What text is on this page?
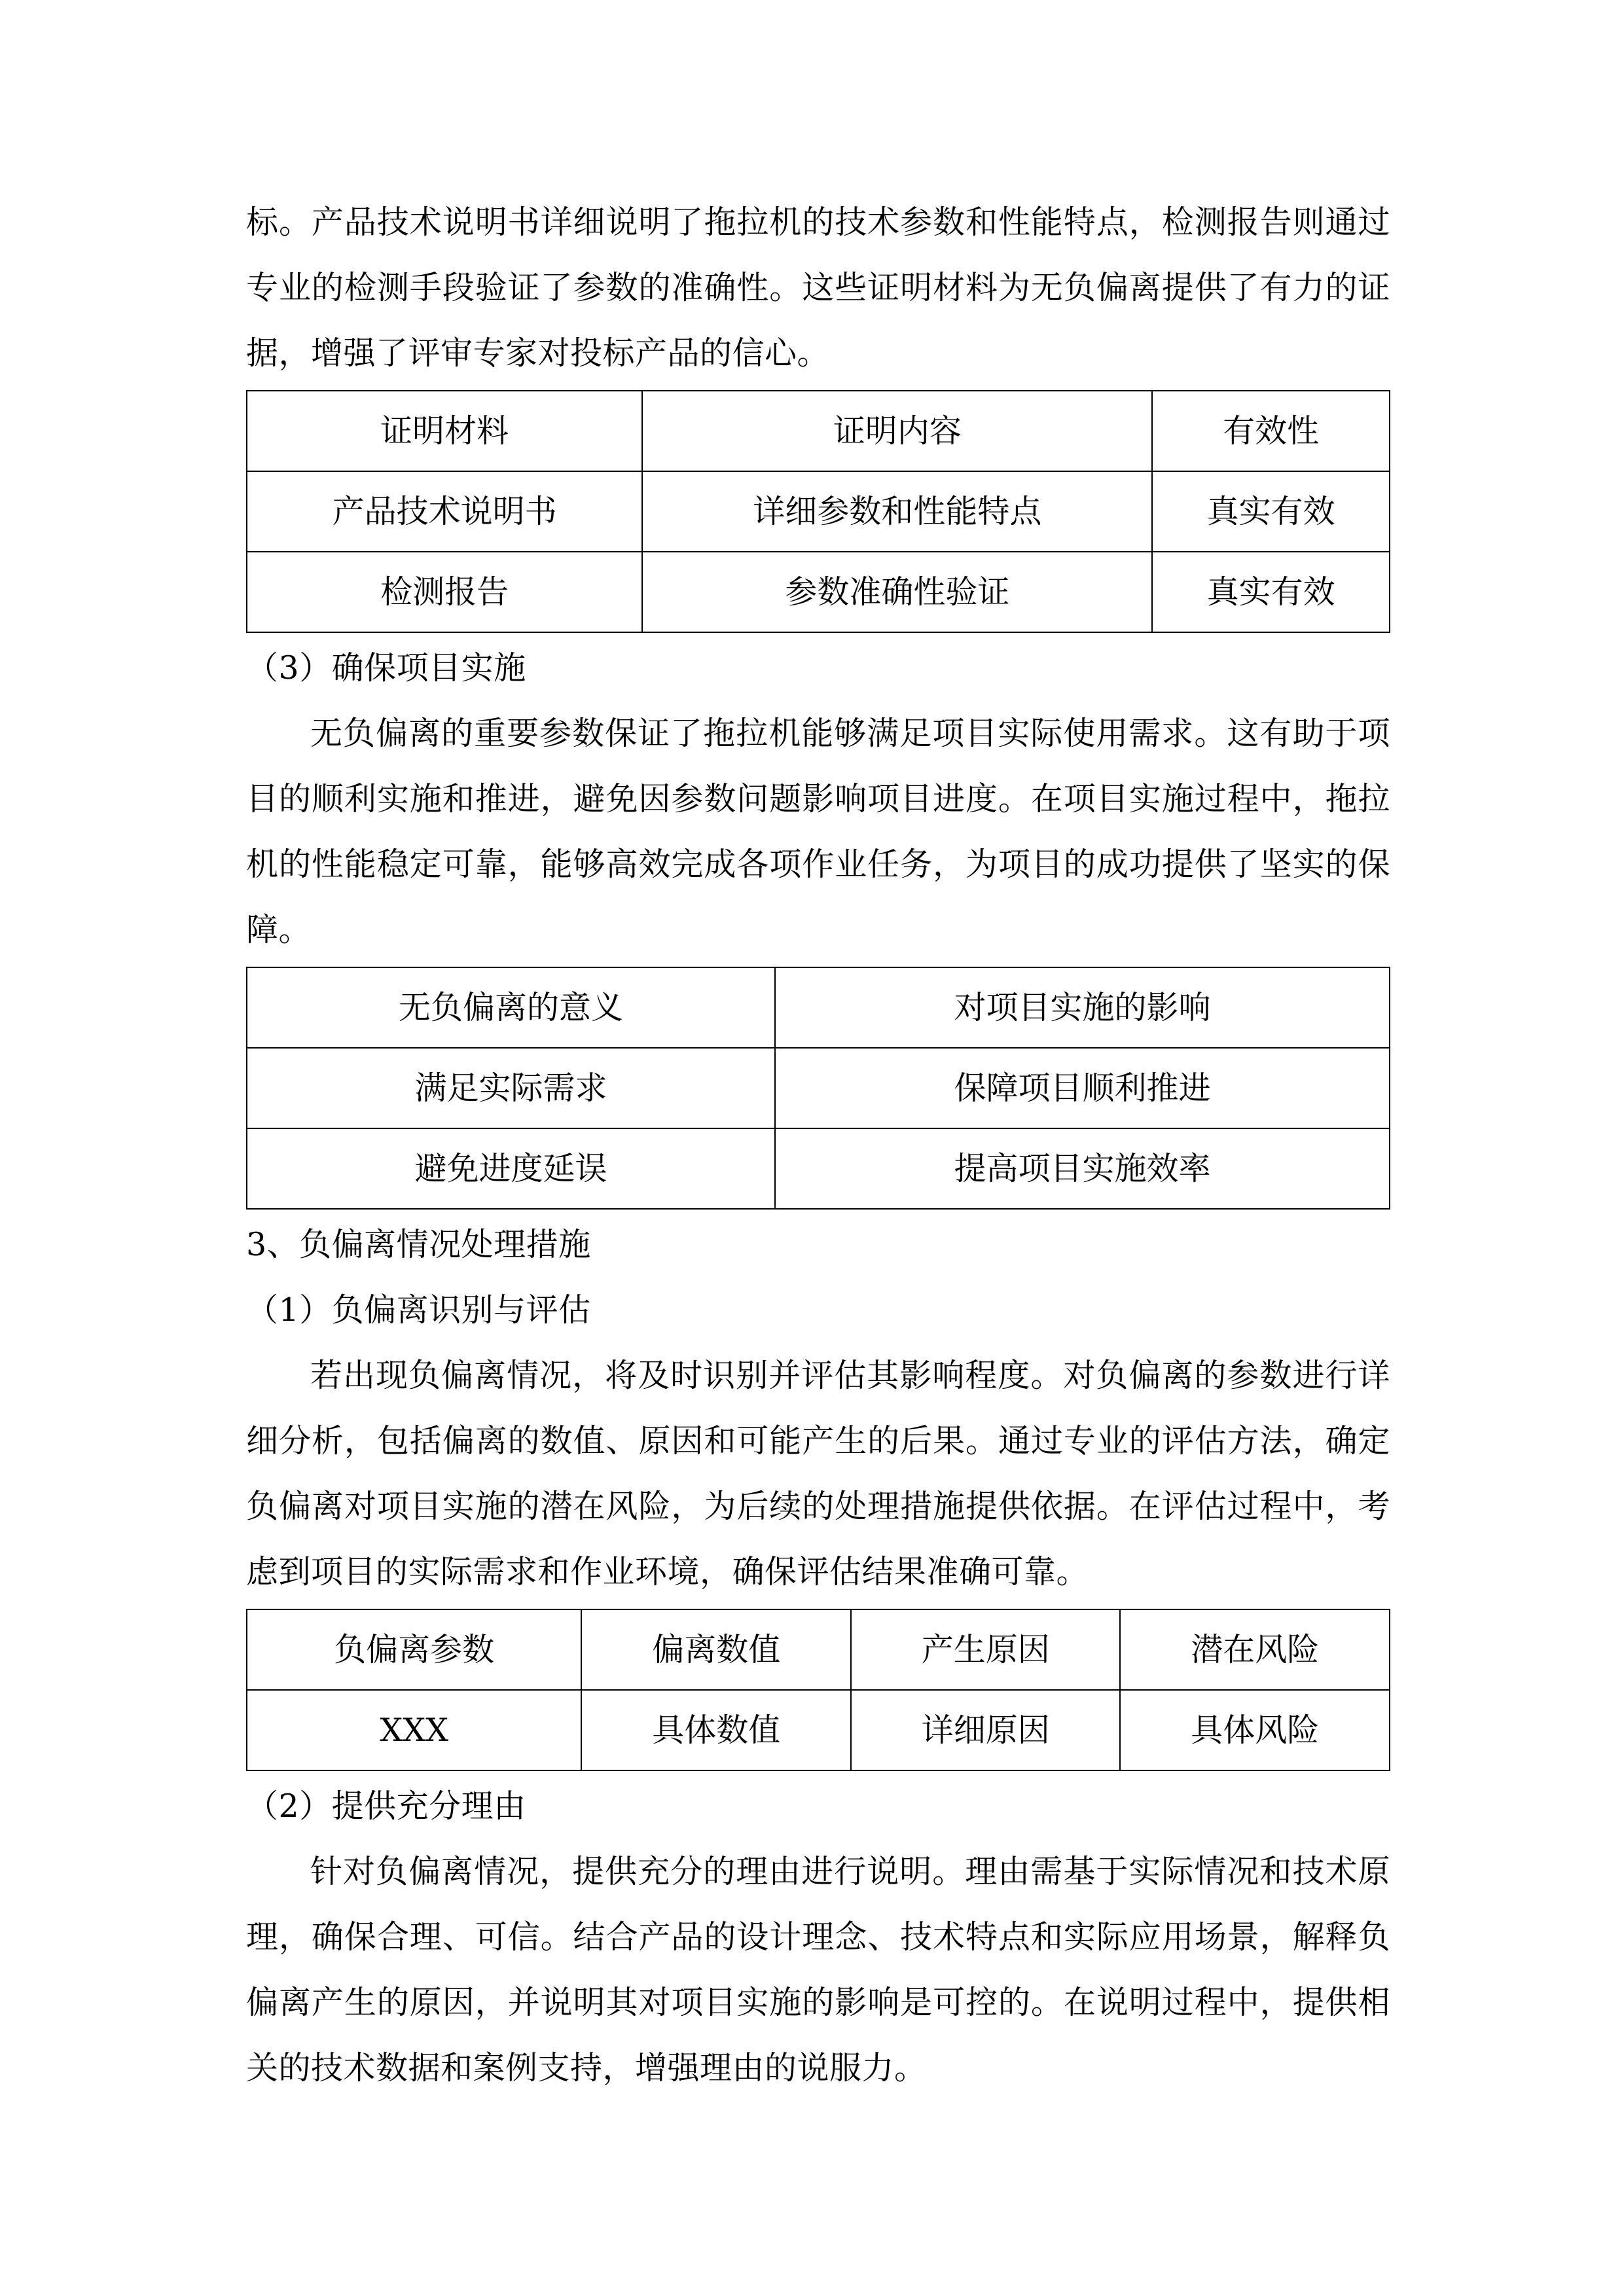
标。产品技术说明书详细说明了拖拉机的技术参数和性能特点，检测报告则通过专业的检测手段验证了参数的准确性。这些证明材料为无负偏离提供了有力的证据，增强了评审专家对投标产品的信心。

证明材料	证明内容	有效性
产品技术说明书	详细参数和性能特点	真实有效
检测报告	参数准确性验证	真实有效

（3）确保项目实施

无负偏离的重要参数保证了拖拉机能够满足项目实际使用需求。这有助于项目的顺利实施和推进，避免因参数问题影响项目进度。在项目实施过程中，拖拉机的性能稳定可靠，能够高效完成各项作业任务，为项目的成功提供了坚实的保障。

无负偏离的意义	对项目实施的影响
满足实际需求	保障项目顺利推进
避免进度延误	提高项目实施效率

3、负偏离情况处理措施

（1）负偏离识别与评估

若出现负偏离情况，将及时识别并评估其影响程度。对负偏离的参数进行详细分析，包括偏离的数值、原因和可能产生的后果。通过专业的评估方法，确定负偏离对项目实施的潜在风险，为后续的处理措施提供依据。在评估过程中，考虑到项目的实际需求和作业环境，确保评估结果准确可靠。

负偏离参数	偏离数值	产生原因	潜在风险
XXX	具体数值	详细原因	具体风险

（2）提供充分理由

针对负偏离情况，提供充分的理由进行说明。理由需基于实际情况和技术原理，确保合理、可信。结合产品的设计理念、技术特点和实际应用场景，解释负偏离产生的原因，并说明其对项目实施的影响是可控的。在说明过程中，提供相关的技术数据和案例支持，增强理由的说服力。
